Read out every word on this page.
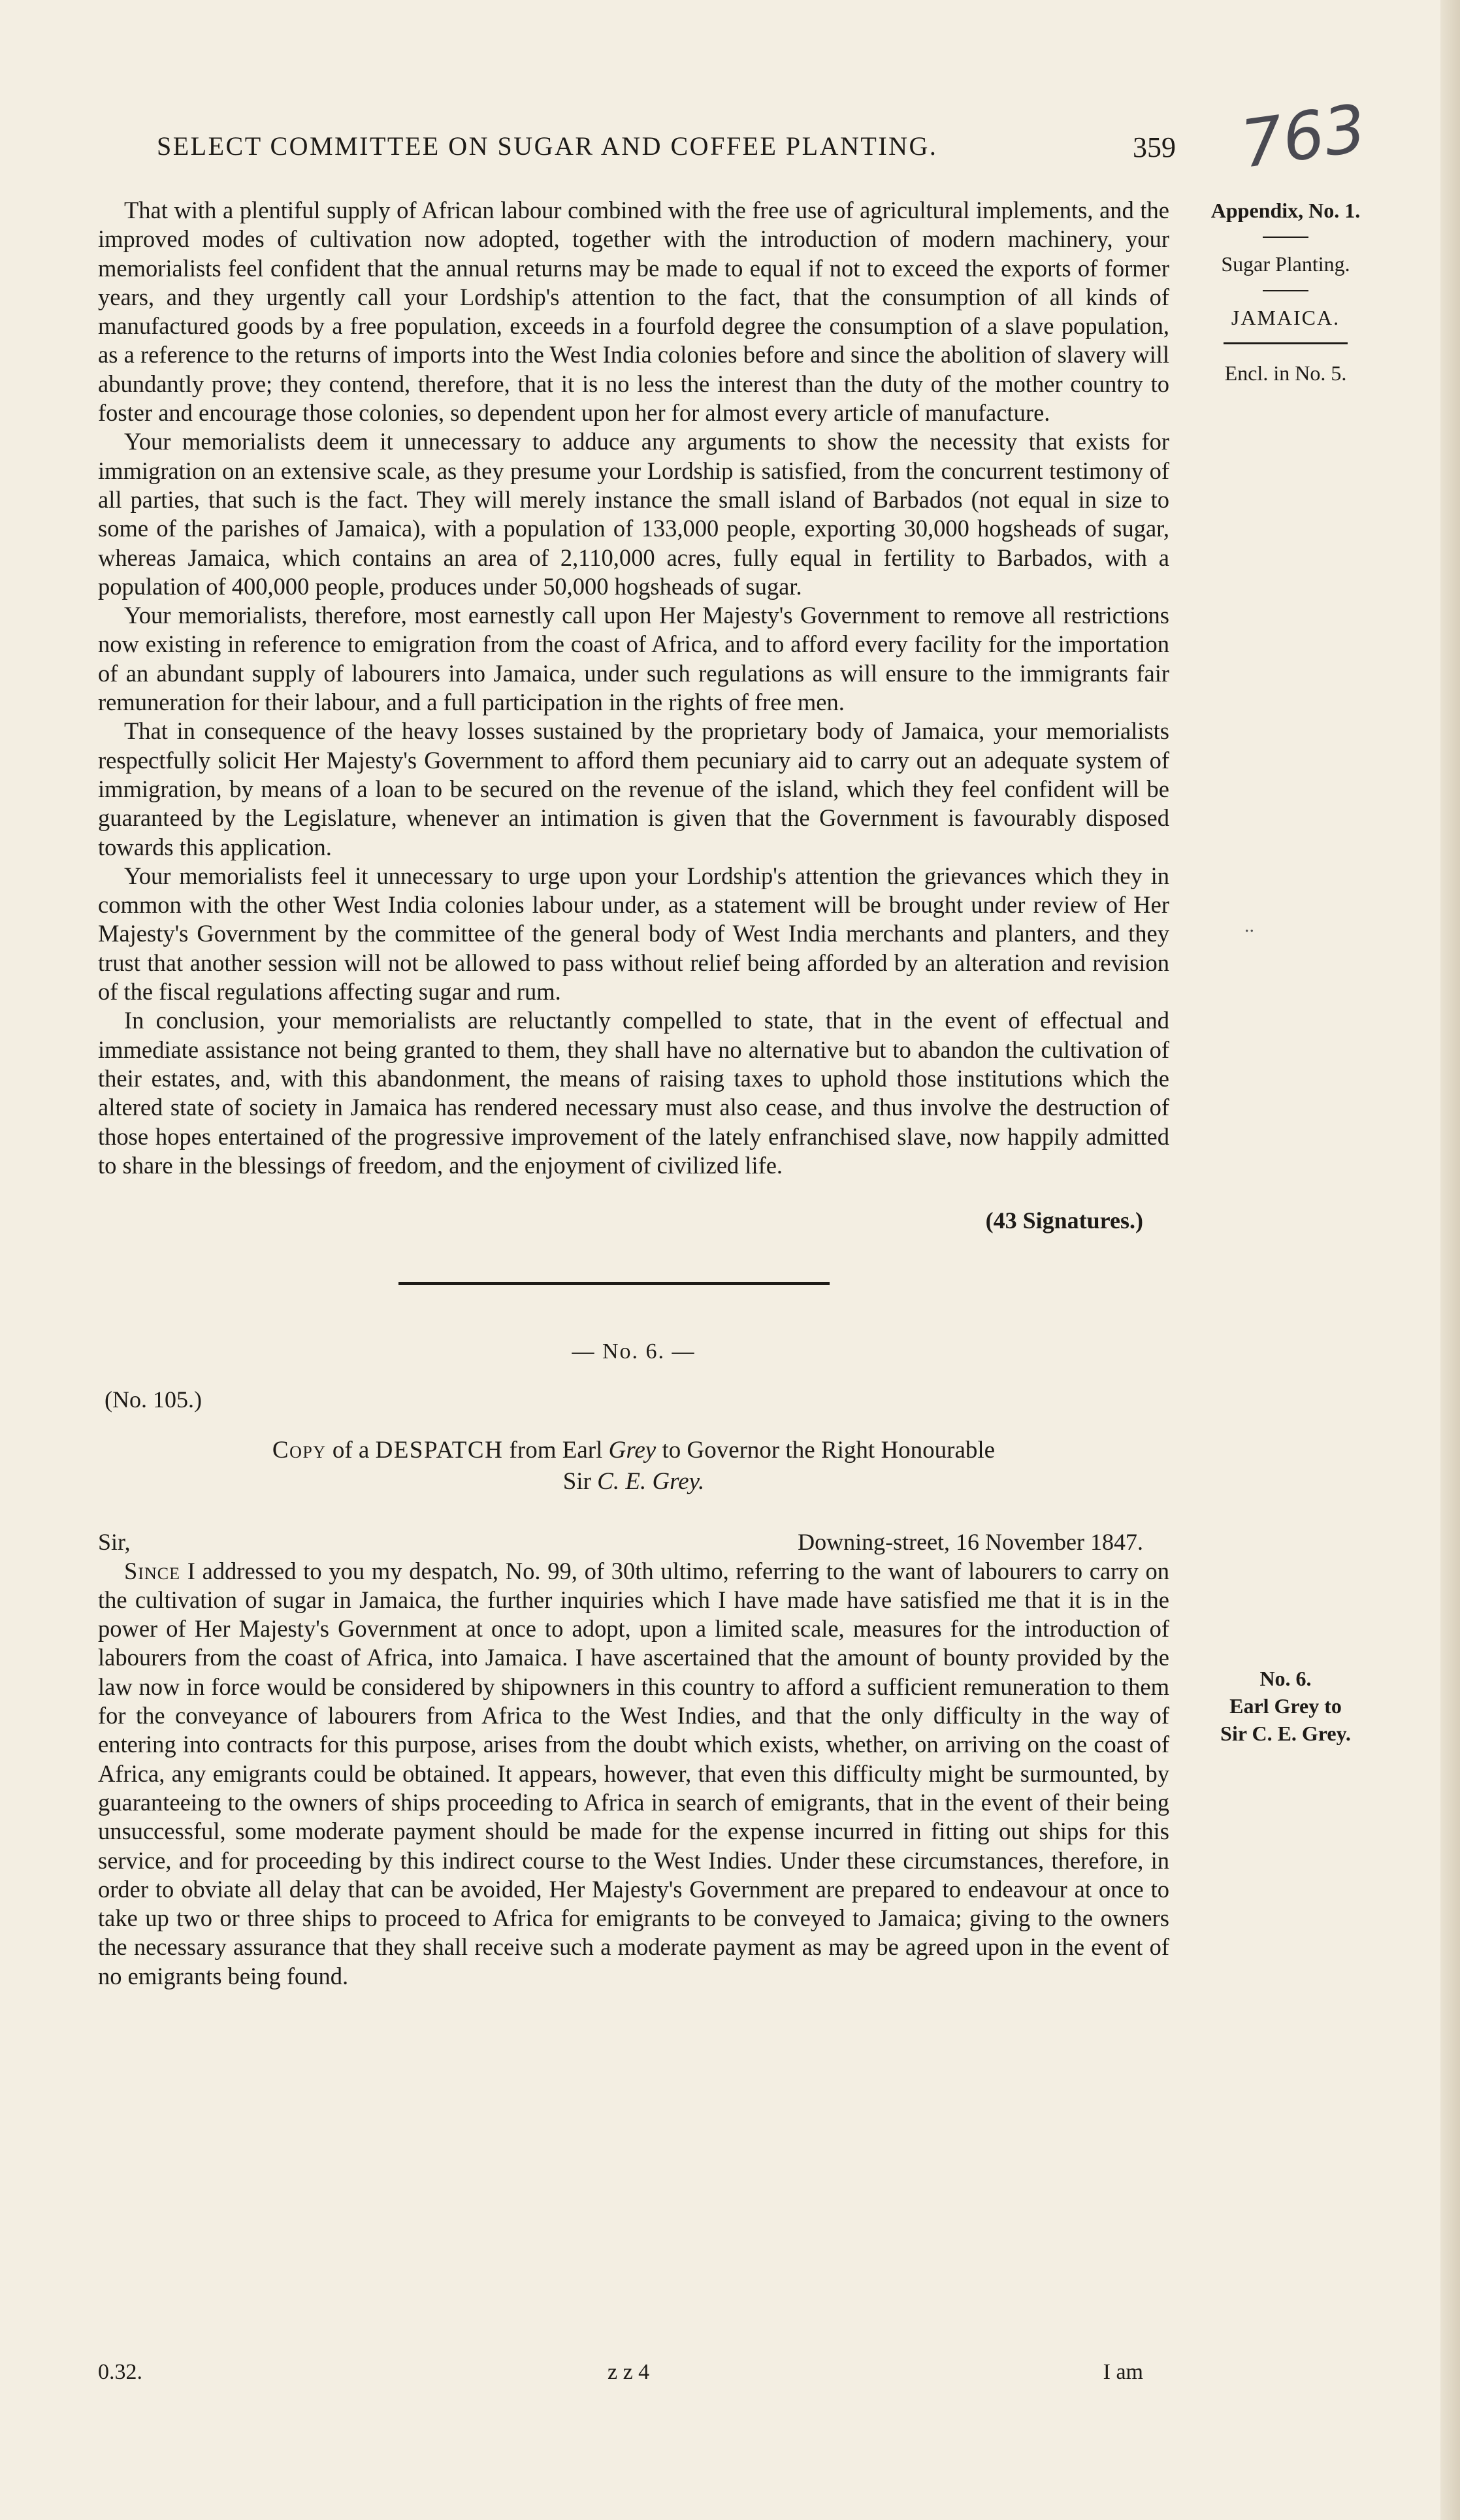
SELECT COMMITTEE ON SUGAR AND COFFEE PLANTING.	359 763
Appendix, No. 1.
Sugar Planting.
JAMAICA.
Encl. in No. 5.
..
No. 6.
Earl Grey to
Sir C. E. Grey.

That with a plentiful supply of African labour combined with the free use of agricultural implements, and the improved modes of cultivation now adopted, together with the introduction of modern machinery, your memorialists feel confident that the annual returns may be made to equal if not to exceed the exports of former years, and they urgently call your Lordship's attention to the fact, that the consumption of all kinds of manufactured goods by a free population, exceeds in a fourfold degree the consumption of a slave population, as a reference to the returns of imports into the West India colonies before and since the abolition of slavery will abundantly prove; they contend, therefore, that it is no less the interest than the duty of the mother country to foster and encourage those colonies, so dependent upon her for almost every article of manufacture.

Your memorialists deem it unnecessary to adduce any arguments to show the necessity that exists for immigration on an extensive scale, as they presume your Lordship is satisfied, from the concurrent testimony of all parties, that such is the fact. They will merely instance the small island of Barbados (not equal in size to some of the parishes of Jamaica), with a population of 133,000 people, exporting 30,000 hogsheads of sugar, whereas Jamaica, which contains an area of 2,110,000 acres, fully equal in fertility to Barbados, with a population of 400,000 people, produces under 50,000 hogsheads of sugar.

Your memorialists, therefore, most earnestly call upon Her Majesty's Government to remove all restrictions now existing in reference to emigration from the coast of Africa, and to afford every facility for the importation of an abundant supply of labourers into Jamaica, under such regulations as will ensure to the immigrants fair remuneration for their labour, and a full participation in the rights of free men.

That in consequence of the heavy losses sustained by the proprietary body of Jamaica, your memorialists respectfully solicit Her Majesty's Government to afford them pecuniary aid to carry out an adequate system of immigration, by means of a loan to be secured on the revenue of the island, which they feel confident will be guaranteed by the Legislature, whenever an intimation is given that the Government is favourably disposed towards this application.

Your memorialists feel it unnecessary to urge upon your Lordship's attention the grievances which they in common with the other West India colonies labour under, as a statement will be brought under review of Her Majesty's Government by the committee of the general body of West India merchants and planters, and they trust that another session will not be allowed to pass without relief being afforded by an alteration and revision of the fiscal regulations affecting sugar and rum.

In conclusion, your memorialists are reluctantly compelled to state, that in the event of effectual and immediate assistance not being granted to them, they shall have no alternative but to abandon the cultivation of their estates, and, with this abandonment, the means of raising taxes to uphold those institutions which the altered state of society in Jamaica has rendered necessary must also cease, and thus involve the destruction of those hopes entertained of the progressive improvement of the lately enfranchised slave, now happily admitted to share in the blessings of freedom, and the enjoyment of civilized life.

(43 Signatures.)
— No. 6. —
(No. 105.)
Copy of a DESPATCH from Earl Grey to Governor the Right Honourable
Sir C. E. Grey.
Sir,	Downing-street, 16 November 1847.

Since I addressed to you my despatch, No. 99, of 30th ultimo, referring to the want of labourers to carry on the cultivation of sugar in Jamaica, the further inquiries which I have made have satisfied me that it is in the power of Her Majesty's Government at once to adopt, upon a limited scale, measures for the introduction of labourers from the coast of Africa, into Jamaica. I have ascertained that the amount of bounty provided by the law now in force would be considered by shipowners in this country to afford a sufficient remuneration to them for the conveyance of labourers from Africa to the West Indies, and that the only difficulty in the way of entering into contracts for this purpose, arises from the doubt which exists, whether, on arriving on the coast of Africa, any emigrants could be obtained. It appears, however, that even this difficulty might be surmounted, by guaranteeing to the owners of ships proceeding to Africa in search of emigrants, that in the event of their being unsuccessful, some moderate payment should be made for the expense incurred in fitting out ships for this service, and for proceeding by this indirect course to the West Indies. Under these circumstances, therefore, in order to obviate all delay that can be avoided, Her Majesty's Government are prepared to endeavour at once to take up two or three ships to proceed to Africa for emigrants to be conveyed to Jamaica; giving to the owners the necessary assurance that they shall receive such a moderate payment as may be agreed upon in the event of no emigrants being found.

0.32.	z z 4	I am
